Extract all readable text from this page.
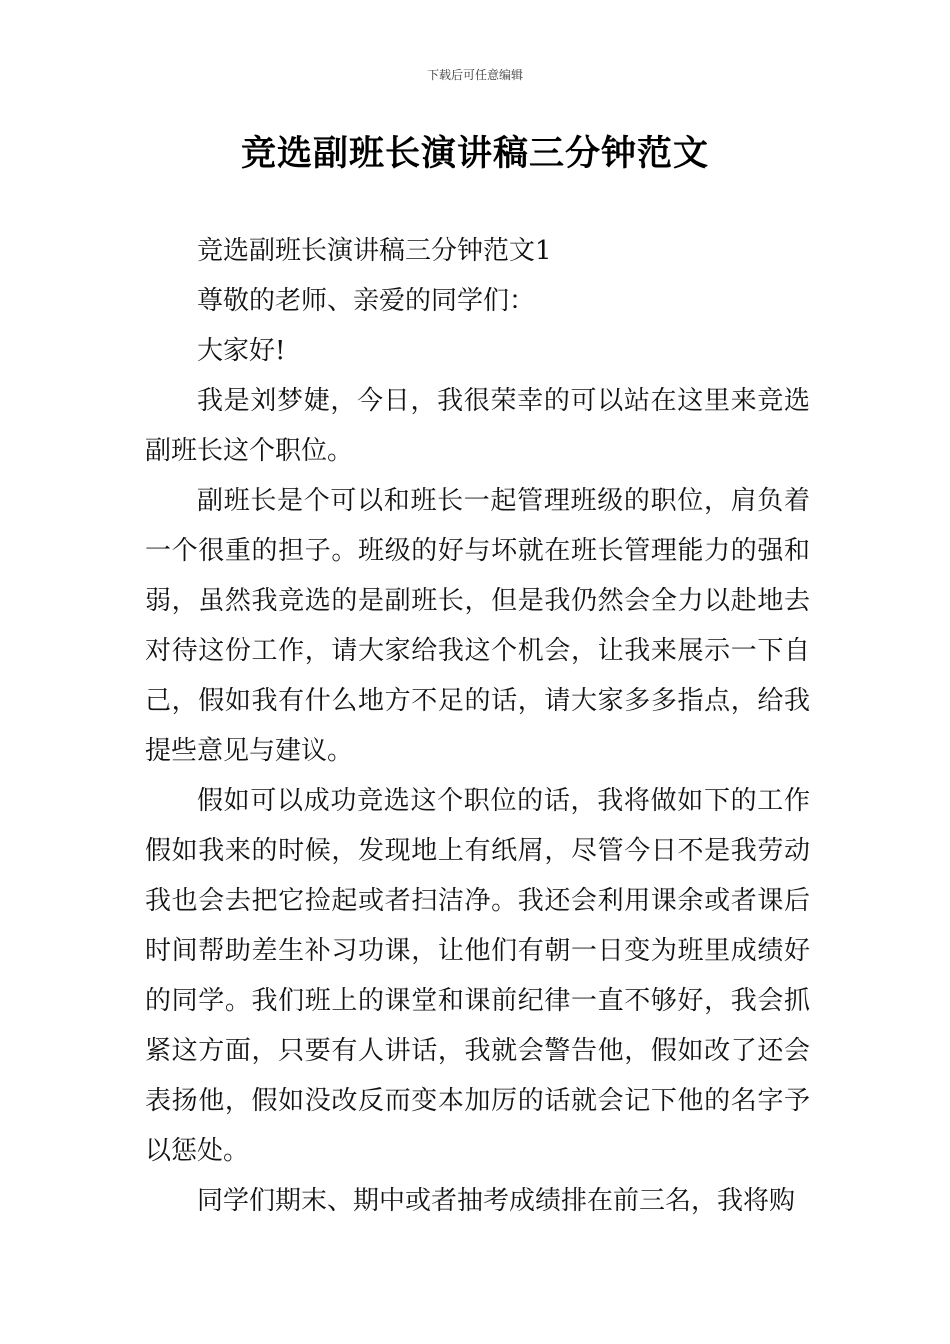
下载后可任意编辑
竞选副班长演讲稿三分钟范文

竞选副班长演讲稿三分钟范文1

尊敬的老师、亲爱的同学们：

大家好!

我是刘梦婕，今日，我很荣幸的可以站在这里来竞选副班长这个职位。

副班长是个可以和班长一起管理班级的职位，肩负着一个很重的担子。班级的好与坏就在班长管理能力的强和弱，虽然我竞选的是副班长，但是我仍然会全力以赴地去对待这份工作，请大家给我这个机会，让我来展示一下自己，假如我有什么地方不足的话，请大家多多指点，给我提些意见与建议。

假如可以成功竞选这个职位的话，我将做如下的工作假如我来的时候，发现地上有纸屑，尽管今日不是我劳动我也会去把它捡起或者扫洁净。我还会利用课余或者课后时间帮助差生补习功课，让他们有朝一日变为班里成绩好的同学。我们班上的课堂和课前纪律一直不够好，我会抓紧这方面，只要有人讲话，我就会警告他，假如改了还会表扬他，假如没改反而变本加厉的话就会记下他的名字予以惩处。

同学们期末、期中或者抽考成绩排在前三名，我将购
